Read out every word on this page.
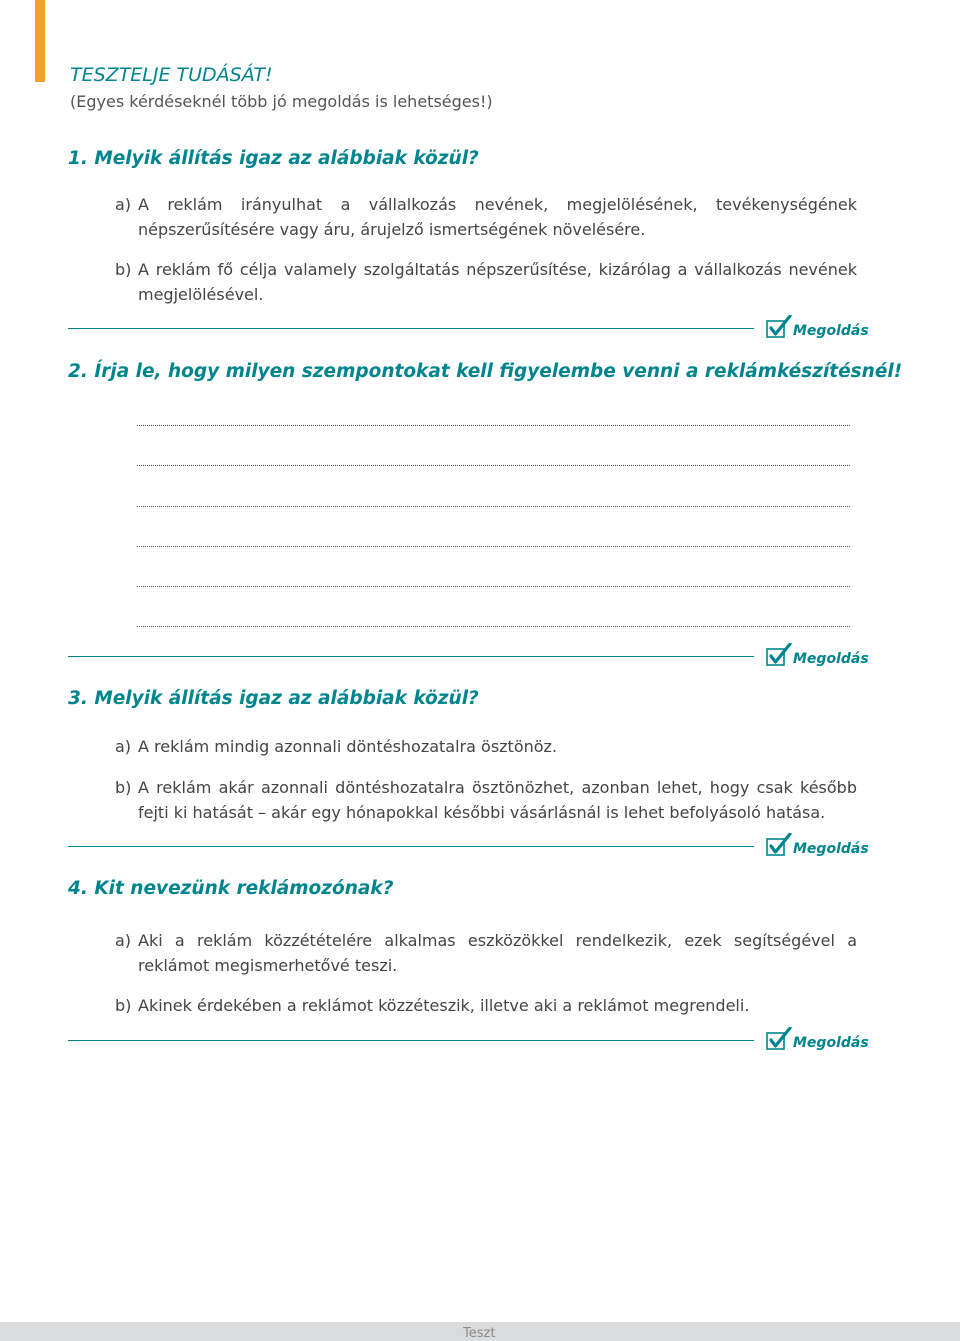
TESZTELJE TUDÁSÁT!
(Egyes kérdéseknél több jó megoldás is lehetséges!)
1. Melyik állítás igaz az alábbiak közül?
a) A reklám irányulhat a vállalkozás nevének, megjelölésének, tevékenységének népszerűsítésére vagy áru, árujelző ismertségének növelésére.
b) A reklám fő célja valamely szolgáltatás népszerűsítése, kizárólag a vállalkozás nevének megjelölésével.
Megoldás
2. Írja le, hogy milyen szempontokat kell figyelembe venni a reklámkészítésnél!
Megoldás
3. Melyik állítás igaz az alábbiak közül?
a) A reklám mindig azonnali döntéshozatalra ösztönöz.
b) A reklám akár azonnali döntéshozatalra ösztönözhet, azonban lehet, hogy csak később fejti ki hatását – akár egy hónapokkal későbbi vásárlásnál is lehet befolyásoló hatása.
Megoldás
4. Kit nevezünk reklámozónak?
a) Aki a reklám közzétételére alkalmas eszközökkel rendelkezik, ezek segítségével a reklámot megismerhetővé teszi.
b) Akinek érdekében a reklámot közzéteszik, illetve aki a reklámot megrendeli.
Megoldás
Teszt
